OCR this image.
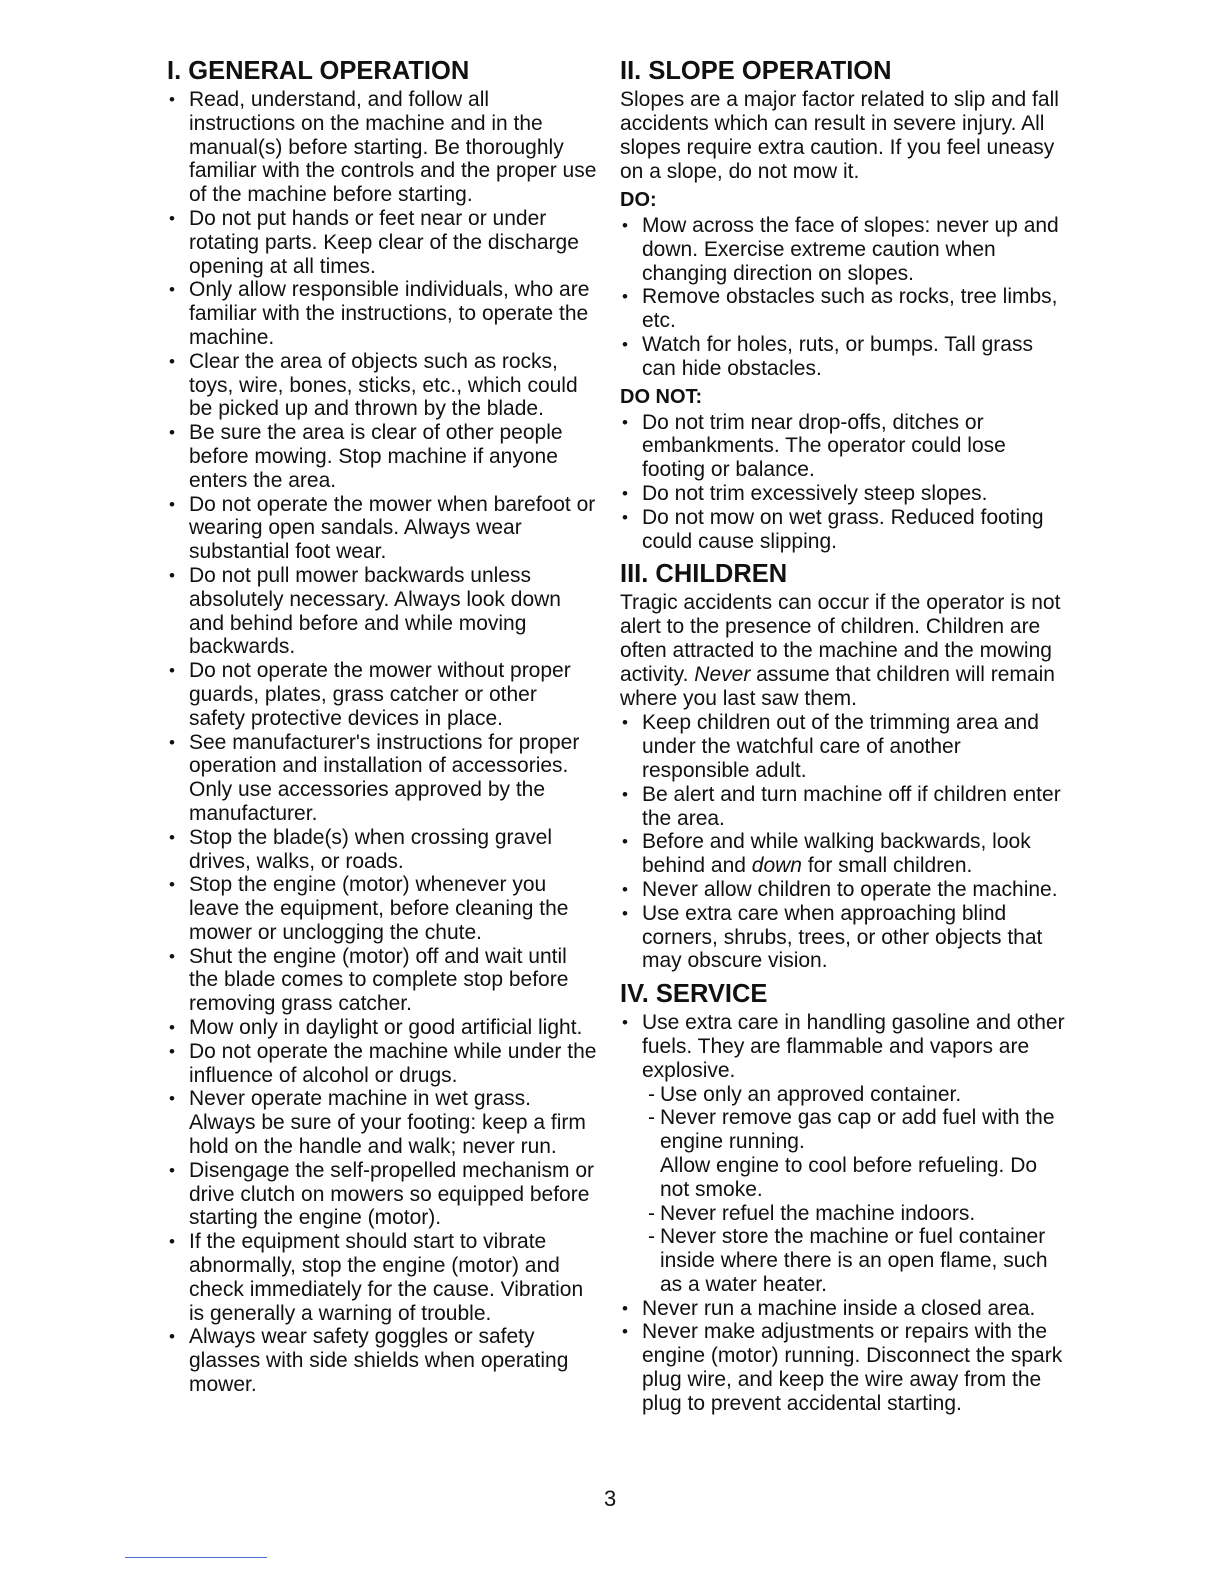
I. GENERAL OPERATION
• Read, understand, and follow all instructions on the machine and in the manual(s) before starting. Be thoroughly familiar with the controls and the proper use of the machine before starting.
• Do not put hands or feet near or under rotating parts. Keep clear of the discharge opening at all times.
• Only allow responsible individuals, who are familiar with the instructions, to operate the machine.
• Clear the area of objects such as rocks, toys, wire, bones, sticks, etc., which could be picked up and thrown by the blade.
• Be sure the area is clear of other people before mowing. Stop machine if anyone enters the area.
• Do not operate the mower when barefoot or wearing open sandals. Always wear substantial foot wear.
• Do not pull mower backwards unless absolutely necessary. Always look down and behind before and while moving backwards.
• Do not operate the mower without proper guards, plates, grass catcher or other safety protective devices in place.
• See manufacturer's instructions for proper operation and installation of accessories. Only use accessories approved by the manufacturer.
• Stop the blade(s) when crossing gravel drives, walks, or roads.
• Stop the engine (motor) whenever you leave the equipment, before cleaning the mower or unclogging the chute.
• Shut the engine (motor) off and wait until the blade comes to complete stop before removing grass catcher.
• Mow only in daylight or good artificial light.
• Do not operate the machine while under the influence of alcohol or drugs.
• Never operate machine in wet grass. Always be sure of your footing: keep a firm hold on the handle and walk; never run.
• Disengage the self-propelled mechanism or drive clutch on mowers so equipped before starting the engine (motor).
• If the equipment should start to vibrate abnormally, stop the engine (motor) and check immediately for the cause. Vibration is generally a warning of trouble.
• Always wear safety goggles or safety glasses with side shields when operating mower.
II. SLOPE OPERATION

Slopes are a major factor related to slip and fall accidents which can result in severe injury. All slopes require extra caution. If you feel uneasy on a slope, do not mow it.

DO:
• Mow across the face of slopes: never up and down. Exercise extreme caution when changing direction on slopes.
• Remove obstacles such as rocks, tree limbs, etc.
• Watch for holes, ruts, or bumps. Tall grass can hide obstacles.
DO NOT:
• Do not trim near drop-offs, ditches or embankments. The operator could lose footing or balance.
• Do not trim excessively steep slopes.
• Do not mow on wet grass. Reduced footing could cause slipping.
III. CHILDREN

Tragic accidents can occur if the operator is not alert to the presence of children. Children are often attracted to the machine and the mowing activity. Never assume that children will remain where you last saw them.

• Keep children out of the trimming area and under the watchful care of another responsible adult.
• Be alert and turn machine off if children enter the area.
• Before and while walking backwards, look behind and down for small children.
• Never allow children to operate the machine.
• Use extra care when approaching blind corners, shrubs, trees, or other objects that may obscure vision.
IV. SERVICE
• Use extra care in handling gasoline and other fuels. They are flammable and vapors are explosive.
- Use only an approved container.
- Never remove gas cap or add fuel with the engine running.
Allow engine to cool before refueling. Do not smoke.
- Never refuel the machine indoors.
- Never store the machine or fuel container inside where there is an open flame, such as a water heater.
• Never run a machine inside a closed area.
• Never make adjustments or repairs with the engine (motor) running. Disconnect the spark plug wire, and keep the wire away from the plug to prevent accidental starting.
3
